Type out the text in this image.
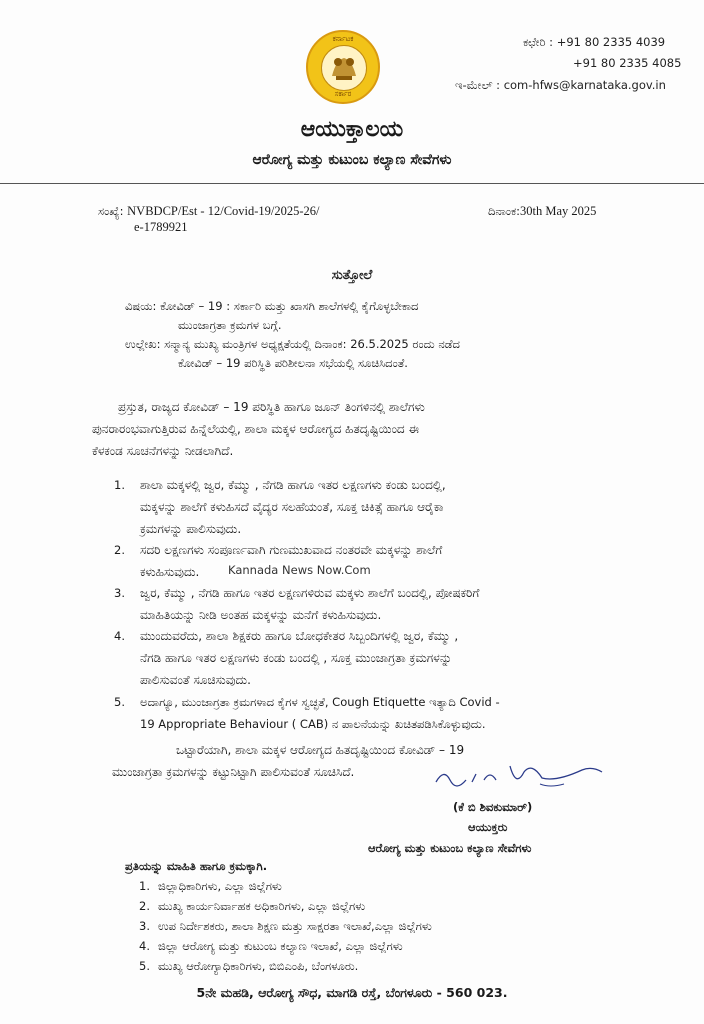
ಕರ್ನಾಟಕ
ಸರ್ಕಾರ
ಕಛೇರಿ : +91 80 2335 4039
+91 80 2335 4085
ಇ-ಮೇಲ್ : com-hfws@karnataka.gov.in
ಆಯುಕ್ತಾಲಯ
ಆರೋಗ್ಯ ಮತ್ತು ಕುಟುಂಬ ಕಲ್ಯಾಣ ಸೇವೆಗಳು
ಸಂಖ್ಯೆ: NVBDCP/Est - 12/Covid-19/2025-26/
e-1789921
ದಿನಾಂಕ:30th May 2025
ಸುತ್ತೋಲೆ
ವಿಷಯ: ಕೋವಿಡ್ – 19 : ಸರ್ಕಾರಿ ಮತ್ತು ಖಾಸಗಿ ಶಾಲೆಗಳಲ್ಲಿ ಕೈಗೊಳ್ಳಬೇಕಾದ
ಮುಂಜಾಗ್ರತಾ ಕ್ರಮಗಳ ಬಗ್ಗೆ.
ಉಲ್ಲೇಖ: ಸನ್ಮಾನ್ಯ ಮುಖ್ಯ ಮಂತ್ರಿಗಳ ಅಧ್ಯಕ್ಷತೆಯಲ್ಲಿ ದಿನಾಂಕ: 26.5.2025 ರಂದು ನಡೆದ
ಕೋವಿಡ್ – 19 ಪರಿಸ್ಥಿತಿ ಪರಿಶೀಲನಾ ಸಭೆಯಲ್ಲಿ ಸೂಚಿಸಿದಂತೆ.
ಪ್ರಸ್ತುತ, ರಾಜ್ಯದ ಕೋವಿಡ್ – 19 ಪರಿಸ್ಥಿತಿ ಹಾಗೂ ಜೂನ್ ತಿಂಗಳಿನಲ್ಲಿ ಶಾಲೆಗಳು
ಪುನರಾರಂಭವಾಗುತ್ತಿರುವ ಹಿನ್ನೆಲೆಯಲ್ಲಿ, ಶಾಲಾ ಮಕ್ಕಳ ಆರೋಗ್ಯದ ಹಿತದೃಷ್ಟಿಯಿಂದ ಈ
ಕೆಳಕಂಡ ಸೂಚನೆಗಳನ್ನು ನೀಡಲಾಗಿದೆ.
1. ಶಾಲಾ ಮಕ್ಕಳಲ್ಲಿ ಜ್ವರ, ಕೆಮ್ಮು , ನೆಗಡಿ ಹಾಗೂ ಇತರ ಲಕ್ಷಣಗಳು ಕಂಡು ಬಂದಲ್ಲಿ,
ಮಕ್ಕಳನ್ನು ಶಾಲೆಗೆ ಕಳುಹಿಸದೆ ವೈದ್ಯರ ಸಲಹೆಯಂತೆ, ಸೂಕ್ತ ಚಿಕಿತ್ಸೆ ಹಾಗೂ ಆರೈಕಾ
ಕ್ರಮಗಳನ್ನು ಪಾಲಿಸುವುದು.
2. ಸದರಿ ಲಕ್ಷಣಗಳು ಸಂಪೂರ್ಣವಾಗಿ ಗುಣಮುಖವಾದ ನಂತರವೇ ಮಕ್ಕಳನ್ನು ಶಾಲೆಗೆ
ಕಳುಹಿಸುವುದು. Kannada News Now.Com
3. ಜ್ವರ, ಕೆಮ್ಮು , ನೆಗಡಿ ಹಾಗೂ ಇತರ ಲಕ್ಷಣಗಳಿರುವ ಮಕ್ಕಳು ಶಾಲೆಗೆ ಬಂದಲ್ಲಿ, ಪೋಷಕರಿಗೆ
ಮಾಹಿತಿಯನ್ನು ನೀಡಿ ಅಂತಹ ಮಕ್ಕಳನ್ನು ಮನೆಗೆ ಕಳುಹಿಸುವುದು.
4. ಮುಂದುವರೆದು, ಶಾಲಾ ಶಿಕ್ಷಕರು ಹಾಗೂ ಬೋಧಕೇತರ ಸಿಬ್ಬಂದಿಗಳಲ್ಲಿ ಜ್ವರ, ಕೆಮ್ಮು ,
ನೆಗಡಿ ಹಾಗೂ ಇತರ ಲಕ್ಷಣಗಳು ಕಂಡು ಬಂದಲ್ಲಿ , ಸೂಕ್ತ ಮುಂಜಾಗ್ರತಾ ಕ್ರಮಗಳನ್ನು
ಪಾಲಿಸುವಂತೆ ಸೂಚಿಸುವುದು.
5. ಅದಾಗ್ಯೂ, ಮುಂಜಾಗ್ರತಾ ಕ್ರಮಗಳಾದ ಕೈಗಳ ಸ್ವಚ್ಛತೆ, Cough Etiquette ಇತ್ಯಾದಿ Covid -
19 Appropriate Behaviour ( CAB) ನ ಪಾಲನೆಯನ್ನು ಖಚಿತಪಡಿಸಿಕೊಳ್ಳುವುದು.
ಒಟ್ಟಾರೆಯಾಗಿ, ಶಾಲಾ ಮಕ್ಕಳ ಆರೋಗ್ಯದ ಹಿತದೃಷ್ಟಿಯಿಂದ ಕೋವಿಡ್ – 19
ಮುಂಜಾಗ್ರತಾ ಕ್ರಮಗಳನ್ನು ಕಟ್ಟುನಿಟ್ಟಾಗಿ ಪಾಲಿಸುವಂತೆ ಸೂಚಿಸಿದೆ.
(ಕೆ ಬಿ ಶಿವಕುಮಾರ್)
ಆಯುಕ್ತರು
ಆರೋಗ್ಯ ಮತ್ತು ಕುಟುಂಬ ಕಲ್ಯಾಣ ಸೇವೆಗಳು
ಪ್ರತಿಯನ್ನು ಮಾಹಿತಿ ಹಾಗೂ ಕ್ರಮಕ್ಕಾಗಿ.
1. ಜಿಲ್ಲಾಧಿಕಾರಿಗಳು, ಎಲ್ಲಾ ಜಿಲ್ಲೆಗಳು
2. ಮುಖ್ಯ ಕಾರ್ಯನಿರ್ವಾಹಕ ಅಧಿಕಾರಿಗಳು, ಎಲ್ಲಾ ಜಿಲ್ಲೆಗಳು
3. ಉಪ ನಿರ್ದೇಶಕರು, ಶಾಲಾ ಶಿಕ್ಷಣ ಮತ್ತು ಸಾಕ್ಷರತಾ ಇಲಾಖೆ,ಎಲ್ಲಾ ಜಿಲ್ಲೆಗಳು
4. ಜಿಲ್ಲಾ ಆರೋಗ್ಯ ಮತ್ತು ಕುಟುಂಬ ಕಲ್ಯಾಣ ಇಲಾಖೆ, ಎಲ್ಲಾ ಜಿಲ್ಲೆಗಳು
5. ಮುಖ್ಯ ಆರೋಗ್ಯಾಧಿಕಾರಿಗಳು, ಬಿಬಿಎಂಪಿ, ಬೆಂಗಳೂರು.
5ನೇ ಮಹಡಿ, ಆರೋಗ್ಯ ಸೌಧ, ಮಾಗಡಿ ರಸ್ತೆ, ಬೆಂಗಳೂರು - 560 023.
